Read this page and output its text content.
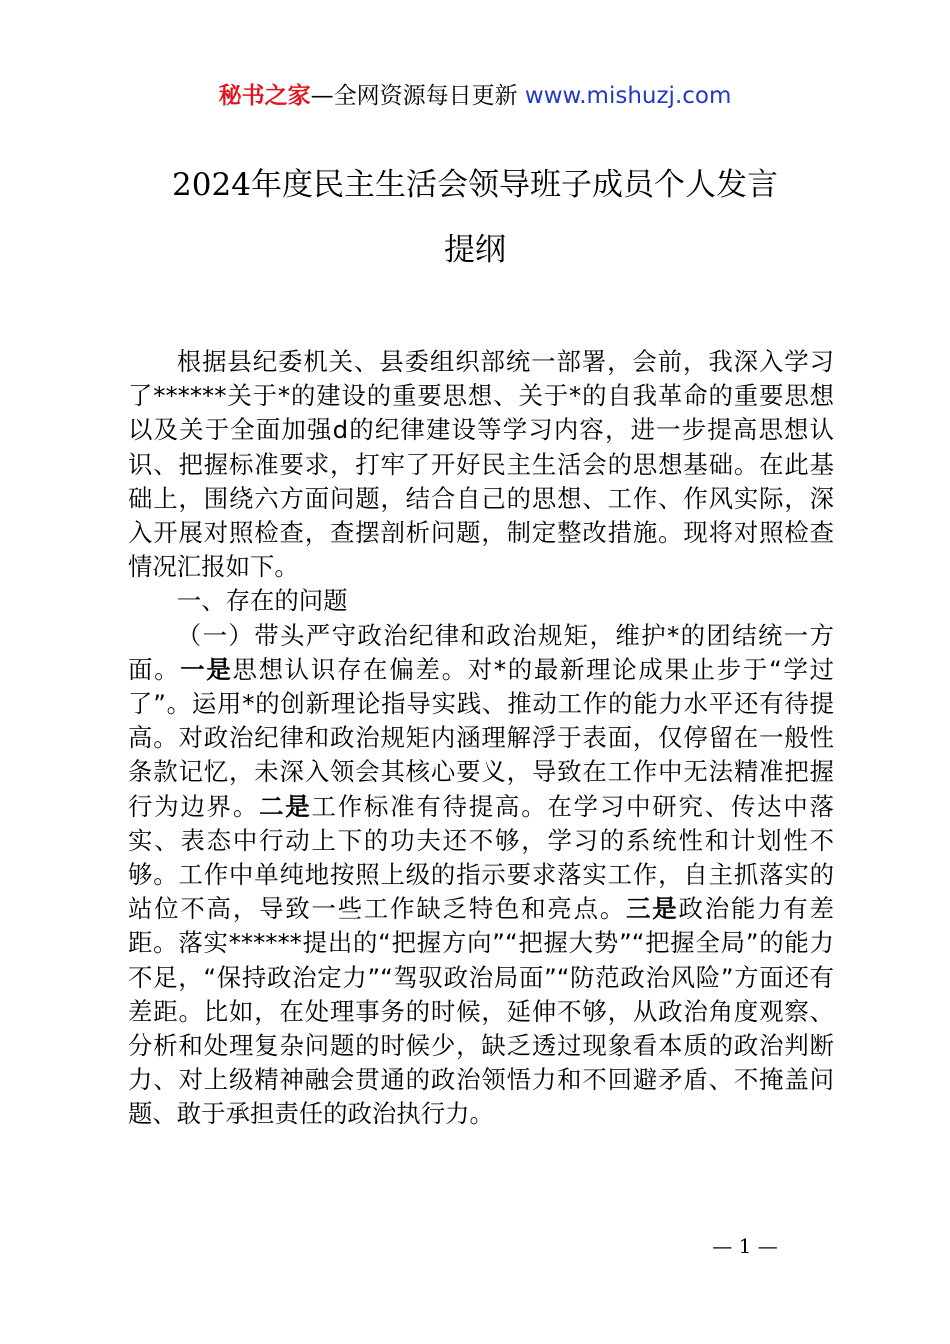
秘书之家—全网资源每日更新 www.mishuzj.com
2024年度民主生活会领导班子成员个人发言
提纲

根据县纪委机关、县委组织部统一部署，会前，我深入学习了******关于*的建设的重要思想、关于*的自我革命的重要思想以及关于全面加强d的纪律建设等学习内容，进一步提高思想认识、把握标准要求，打牢了开好民主生活会的思想基础。在此基础上，围绕六方面问题，结合自己的思想、工作、作风实际，深入开展对照检查，查摆剖析问题，制定整改措施。现将对照检查情况汇报如下。

一、存在的问题

（一）带头严守政治纪律和政治规矩，维护*的团结统一方面。一是思想认识存在偏差。对*的最新理论成果止步于“学过了”。运用*的创新理论指导实践、推动工作的能力水平还有待提高。对政治纪律和政治规矩内涵理解浮于表面，仅停留在一般性条款记忆，未深入领会其核心要义，导致在工作中无法精准把握行为边界。二是工作标准有待提高。在学习中研究、传达中落实、表态中行动上下的功夫还不够，学习的系统性和计划性不够。工作中单纯地按照上级的指示要求落实工作，自主抓落实的站位不高，导致一些工作缺乏特色和亮点。三是政治能力有差距。落实******提出的“把握方向”“把握大势”“把握全局”的能力不足，“保持政治定力”“驾驭政治局面”“防范政治风险”方面还有差距。比如，在处理事务的时候，延伸不够，从政治角度观察、分析和处理复杂问题的时候少，缺乏透过现象看本质的政治判断力、对上级精神融会贯通的政治领悟力和不回避矛盾、不掩盖问题、敢于承担责任的政治执行力。

— 1 —
